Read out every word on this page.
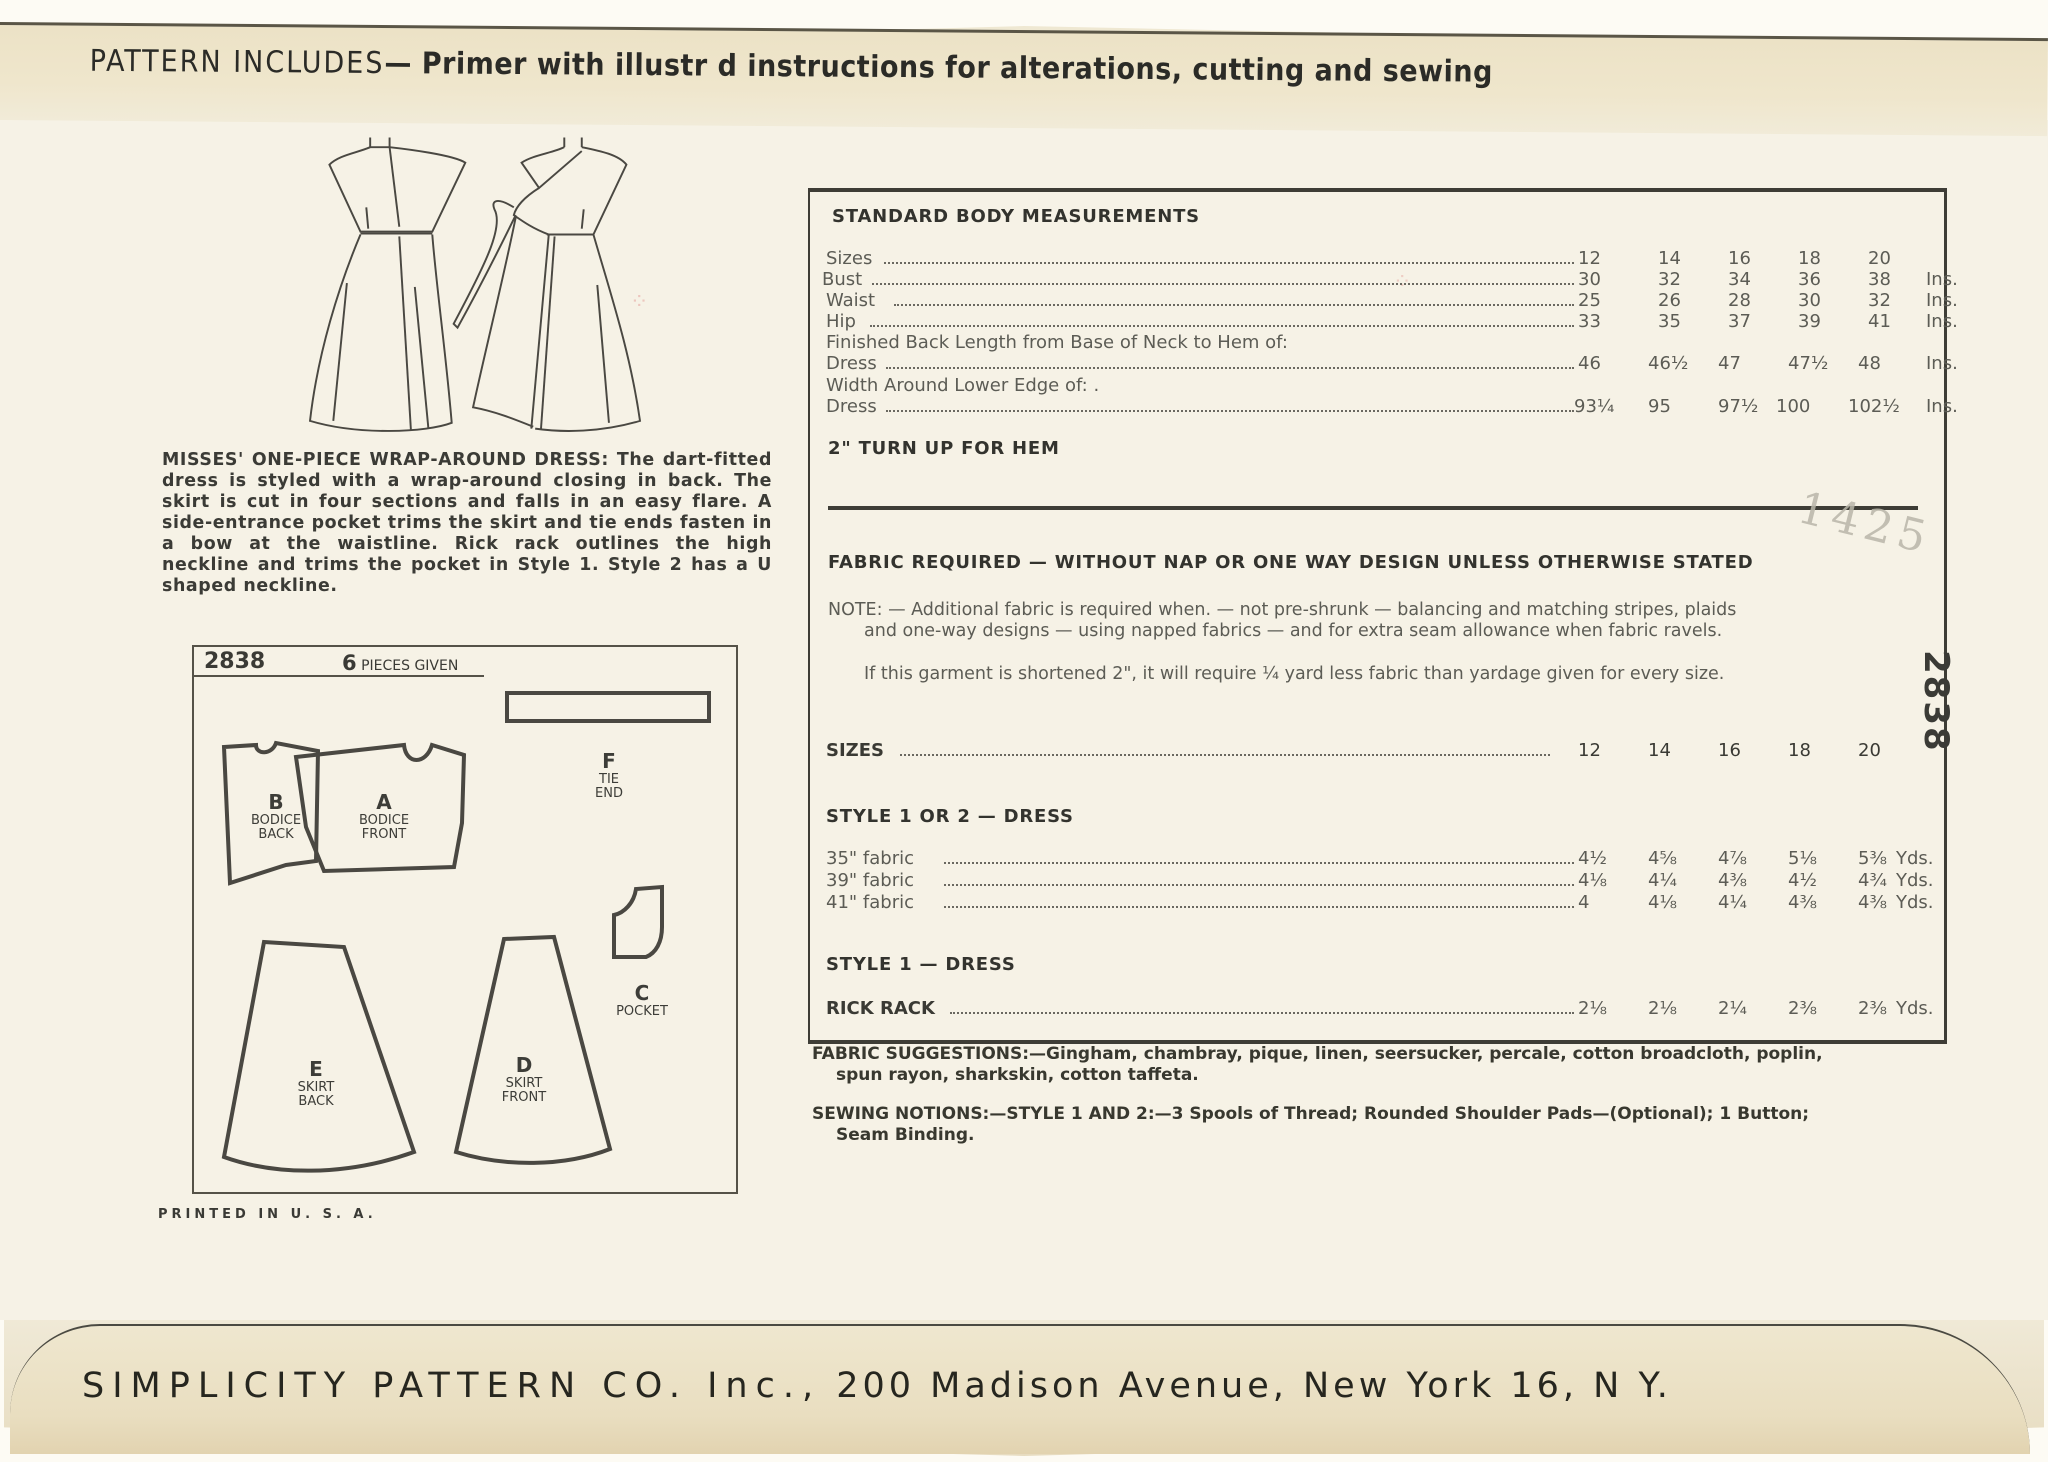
PATTERN INCLUDES— Primer with illustr d instructions for alterations, cutting and sewing
⁘
⁘
MISSES' ONE-PIECE WRAP-AROUND DRESS: The dart-fitted dress is styled with a wrap-around closing in back. The skirt is cut in four sections and falls in an easy flare. A side-entrance pocket trims the skirt and tie ends fasten in a bow at the waistline. Rick rack outlines the high neckline and trims the pocket in Style 1. Style 2 has a U shaped neckline.
2838	6 PIECES GIVEN
B
BODICE
BACK
A
BODICE
FRONT
F
TIE
END
C
POCKET
E
SKIRT
BACK
D
SKIRT
FRONT
PRINTED IN U. S. A.
STANDARD BODY MEASUREMENTS
Sizes	12	14	16	18	20
Bust	30	32	34	36	38 Ins.
Waist	25	26	28	30	32 Ins.
Hip	33	35	37	39	41 Ins.
Finished Back Length from Base of Neck to Hem of:
Dress	46	46½ 47	47½ 48	Ins.
Width Around Lower Edge of: .
Dress	93¼ 95	97½ 100 102½ Ins.
2" TURN UP FOR HEM
FABRIC REQUIRED — WITHOUT NAP OR ONE WAY DESIGN UNLESS OTHERWISE STATED
NOTE: — Additional fabric is required when. — not pre-shrunk — balancing and matching stripes, plaids
and one-way designs — using napped fabrics — and for extra seam allowance when fabric ravels.
If this garment is shortened 2", it will require ¼ yard less fabric than yardage given for every size.
SIZES	12	14	16	18	20
STYLE 1 OR 2 — DRESS
35" fabric	4½ 4⅝ 4⅞ 5⅛ 5⅜ Yds.
39" fabric	4⅛ 4¼ 4⅜ 4½ 4¾ Yds.
41" fabric	4	4⅛ 4¼ 4⅜ 4⅜ Yds.
STYLE 1 — DRESS
RICK RACK	2⅛ 2⅛ 2¼ 2⅜ 2⅜ Yds.
1425
2838
FABRIC SUGGESTIONS:—Gingham, chambray, pique, linen, seersucker, percale, cotton broadcloth, poplin,
spun rayon, sharkskin, cotton taffeta.
SEWING NOTIONS:—STYLE 1 AND 2:—3 Spools of Thread; Rounded Shoulder Pads—(Optional); 1 Button;
Seam Binding.
SIMPLICITY PATTERN CO. Inc., 200 Madison Avenue, New York 16, N Y.
